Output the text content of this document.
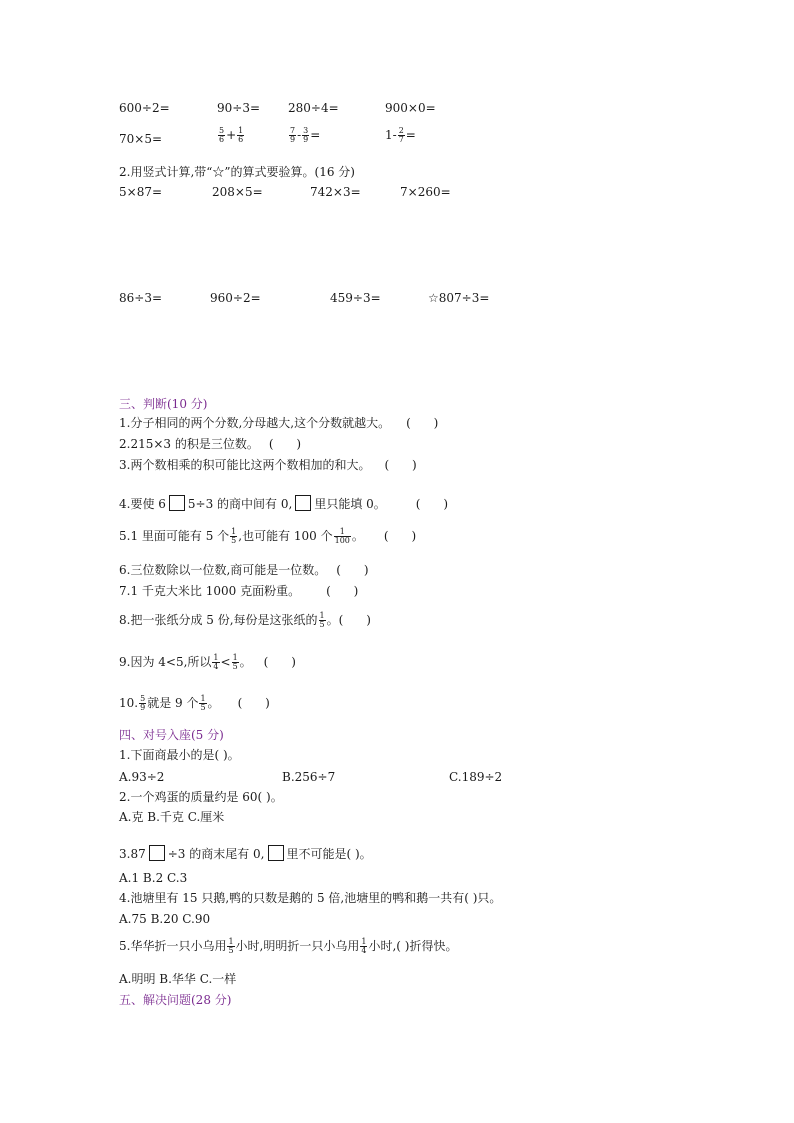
600÷2=	90÷3= 280÷4=	900×0=
70×5=	$\frac{5}{6} + \frac{1}{6}$	$\frac{7}{9} - \frac{3}{9}$ =	$1- \frac{2}{7}$ =
2.用竖式计算,带“☆”的算式要验算。(16 分)
5×87=	208×5=	742×3=	7×260=
86÷3=	960÷2=	459÷3=	☆807÷3=
三、判断(10 分)
1.分子相同的两个分数,分母越大,这个分数就越大。 (      )
2.215×3 的积是三位数。 (      )
3.两个数相乘的积可能比这两个数相加的和大。 (      )
4.要使 6 5÷3 的商中间有 0, 里只能填 0。	(      )
5.1 里面可能有 5 个 $\frac{1}{5}$ ,也可能有 100 个 $\frac{1}{100}$ 。 (      )
6.三位数除以一位数,商可能是一位数。 (      )
7.1 千克大米比 1000 克面粉重。 (      )
8.把一张纸分成 5 份,每份是这张纸的 $\frac{1}{5}$ 。(      )
9.因为 4<5,所以 $\frac{1}{4} < \frac{1}{5}$ 。 (      )
10. $\frac{5}{9}$ 就是 9 个 $\frac{1}{5}$ 。 (      )
四、对号入座(5 分)
1.下面商最小的是( )。
A.93÷2	B.256÷7	C.189÷2
2.一个鸡蛋的质量约是 60( )。
A.克 B.千克 C.厘米
3.87 ÷3 的商末尾有 0, 里不可能是( )。
A.1 B.2 C.3
4.池塘里有 15 只鹅,鸭的只数是鹅的 5 倍,池塘里的鸭和鹅一共有( )只。
A.75 B.20 C.90
5.华华折一只小乌用 $\frac{1}{5}$ 小时,明明折一只小乌用 $\frac{1}{4}$ 小时,( )折得快。
A.明明 B.华华 C.一样
五、解决问题(28 分)
